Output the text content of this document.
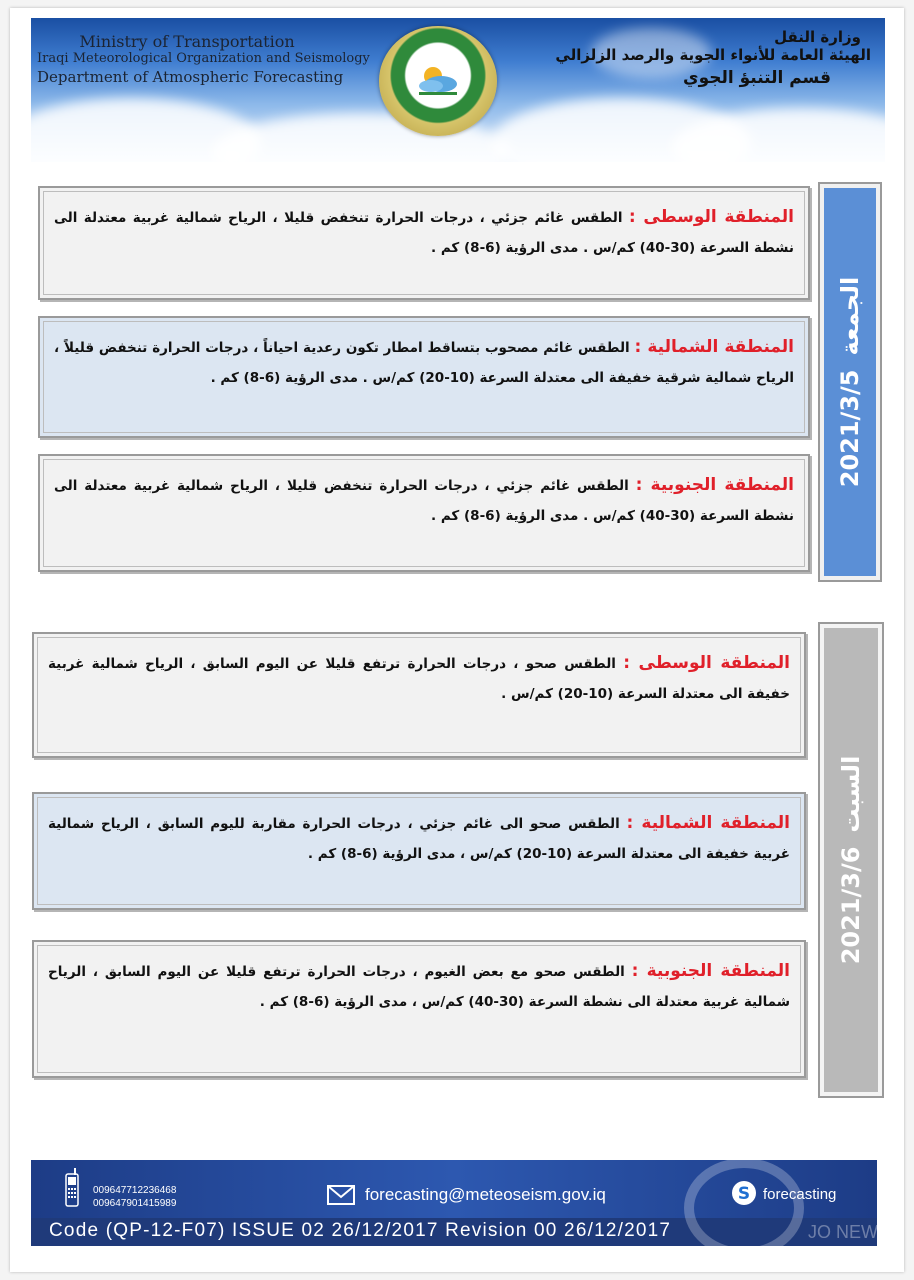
Ministry of Transportation
Iraqi Meteorological Organization and Seismology
Department of Atmospheric Forecasting
وزارة النقل
الهيئة العامة للأنواء الجوية والرصد الزلزالي
قسم التنبؤ الجوي
الجمعة2021/3/5
المنطقة الوسطى : الطقس غائم جزئي ، درجات الحرارة تنخفض قليلا ، الرياح شمالية غربية معتدلة الى نشطة السرعة (30-40) كم/س . مدى الرؤية (6-8) كم .
المنطقة الشمالية : الطقس غائم مصحوب بتساقط امطار تكون رعدية احياناً ، درجات الحرارة تنخفض قليلاً ، الرياح شمالية شرقية خفيفة الى معتدلة السرعة (10-20) كم/س . مدى الرؤية (6-8) كم .
المنطقة الجنوبية : الطقس غائم جزئي ، درجات الحرارة تنخفض قليلا ، الرياح شمالية غربية معتدلة الى نشطة السرعة (30-40) كم/س . مدى الرؤية (6-8) كم .
السبت2021/3/6
المنطقة الوسطى : الطقس صحو ، درجات الحرارة ترتفع قليلا عن اليوم السابق ، الرياح شمالية غربية خفيفة الى معتدلة السرعة (10-20) كم/س .
المنطقة الشمالية : الطقس صحو الى غائم جزئي ، درجات الحرارة مقاربة لليوم السابق ، الرياح شمالية غربية خفيفة الى معتدلة السرعة (10-20) كم/س ، مدى الرؤية (6-8) كم .
المنطقة الجنوبية : الطقس صحو مع بعض الغيوم ، درجات الحرارة ترتفع قليلا عن اليوم السابق ، الرياح شمالية غربية معتدلة الى نشطة السرعة (30-40) كم/س ، مدى الرؤية (6-8) كم .
009647712236468
009647901415989	forecasting@meteoseism.gov.iq	S forecasting
Code (QP-12-F07) ISSUE 02 26/12/2017 Revision 00 26/12/2017	JO NEW
